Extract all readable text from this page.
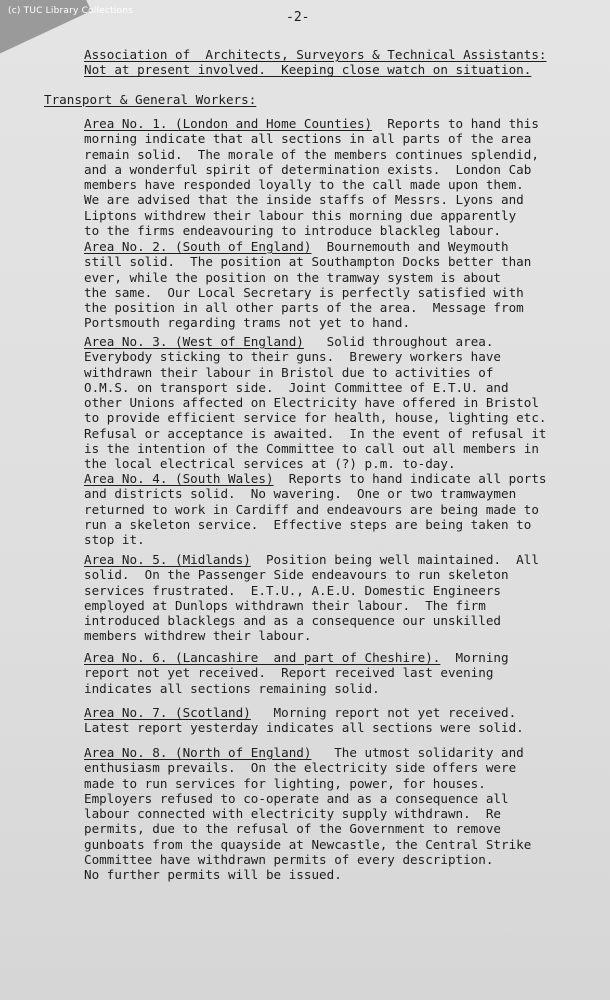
(c) TUC Library Collections	-2-
Association of  Architects, Surveyors & Technical Assistants:
Not at present involved.  Keeping close watch on situation.
Transport & General Workers:
Area No. 1. (London and Home Counties)  Reports to hand this
morning indicate that all sections in all parts of the area
remain solid.  The morale of the members continues splendid,
and a wonderful spirit of determination exists.  London Cab
members have responded loyally to the call made upon them.
We are advised that the inside staffs of Messrs. Lyons and
Liptons withdrew their labour this morning due apparently
to the firms endeavouring to introduce blackleg labour.
Area No. 2. (South of England)  Bournemouth and Weymouth
still solid.  The position at Southampton Docks better than
ever, while the position on the tramway system is about
the same.  Our Local Secretary is perfectly satisfied with
the position in all other parts of the area.  Message from
Portsmouth regarding trams not yet to hand.
Area No. 3. (West of England)   Solid throughout area.
Everybody sticking to their guns.  Brewery workers have
withdrawn their labour in Bristol due to activities of
O.M.S. on transport side.  Joint Committee of E.T.U. and
other Unions affected on Electricity have offered in Bristol
to provide efficient service for health, house, lighting etc.
Refusal or acceptance is awaited.  In the event of refusal it
is the intention of the Committee to call out all members in
the local electrical services at (?) p.m. to-day.
Area No. 4. (South Wales)  Reports to hand indicate all ports
and districts solid.  No wavering.  One or two tramwaymen
returned to work in Cardiff and endeavours are being made to
run a skeleton service.  Effective steps are being taken to
stop it.
Area No. 5. (Midlands)  Position being well maintained.  All
solid.  On the Passenger Side endeavours to run skeleton
services frustrated.  E.T.U., A.E.U. Domestic Engineers
employed at Dunlops withdrawn their labour.  The firm
introduced blacklegs and as a consequence our unskilled
members withdrew their labour.
Area No. 6. (Lancashire  and part of Cheshire).  Morning
report not yet received.  Report received last evening
indicates all sections remaining solid.
Area No. 7. (Scotland)   Morning report not yet received.
Latest report yesterday indicates all sections were solid.
Area No. 8. (North of England)   The utmost solidarity and
enthusiasm prevails.  On the electricity side offers were
made to run services for lighting, power, for houses.
Employers refused to co-operate and as a consequence all
labour connected with electricity supply withdrawn.  Re
permits, due to the refusal of the Government to remove
gunboats from the quayside at Newcastle, the Central Strike
Committee have withdrawn permits of every description.
No further permits will be issued.
